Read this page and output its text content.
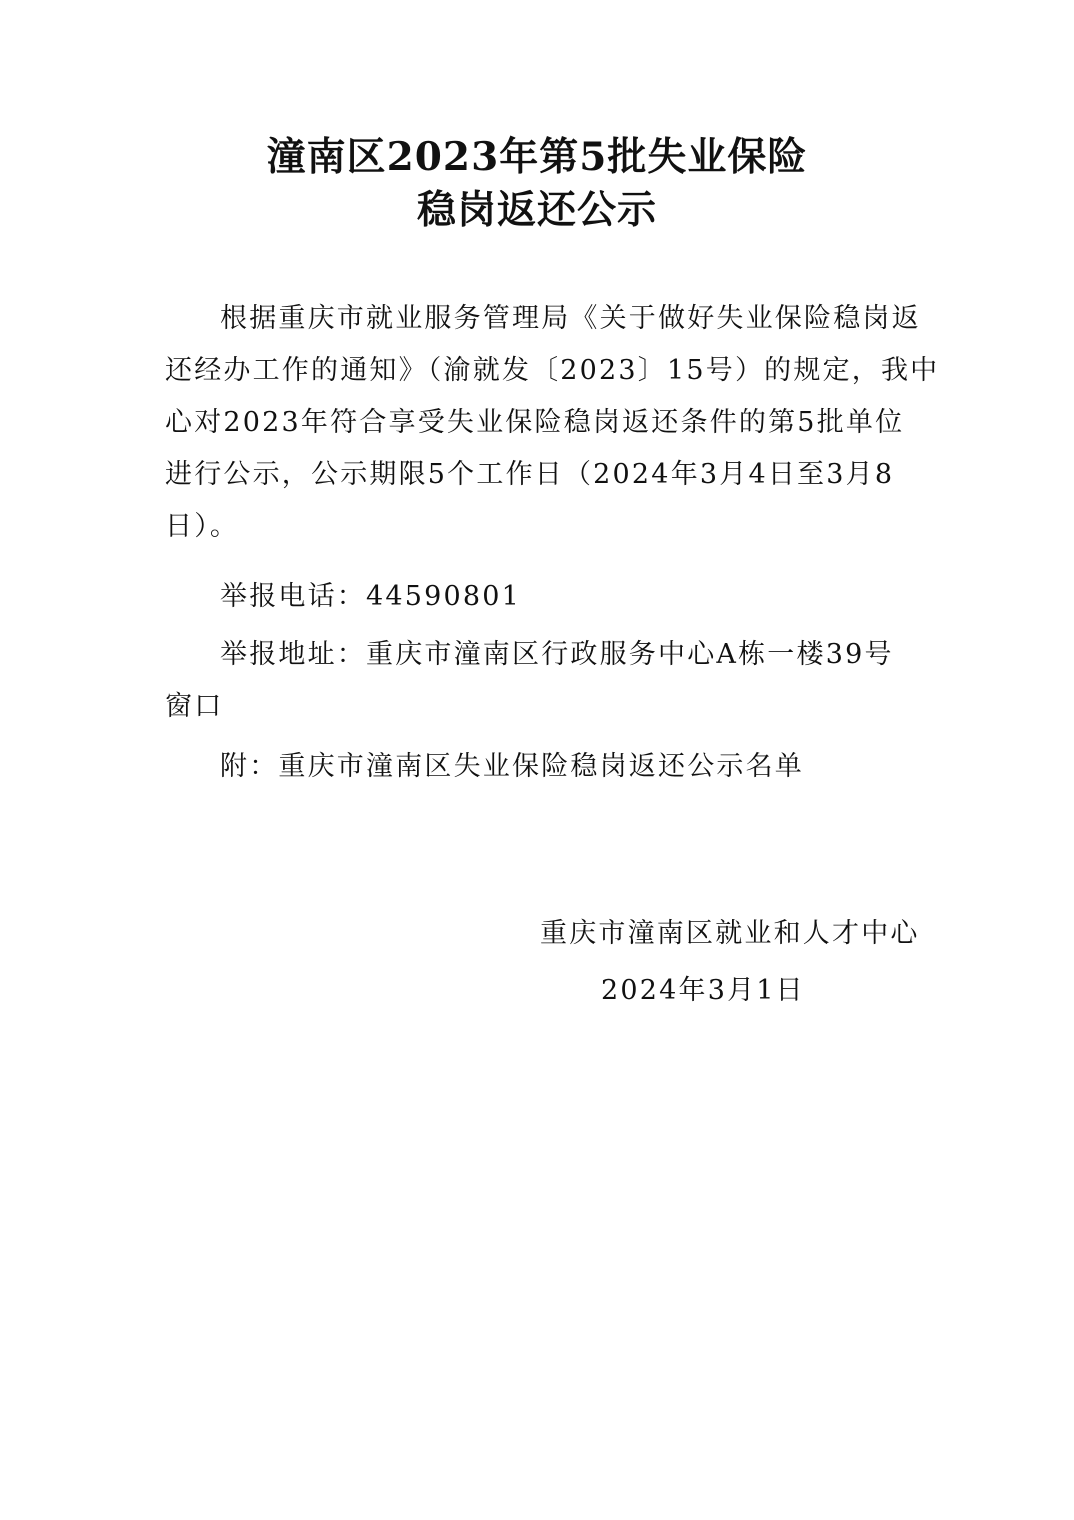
潼南区2023年第5批失业保险
稳岗返还公示
根据重庆市就业服务管理局《关于做好失业保险稳岗返
还经办工作的通知》（渝就发〔2023〕15号）的规定，我中
心对2023年符合享受失业保险稳岗返还条件的第5批单位
进行公示，公示期限5个工作日（2024年3月4日至3月8
日）。
举报电话：44590801
举报地址：重庆市潼南区行政服务中心A栋一楼39号
窗口
附：重庆市潼南区失业保险稳岗返还公示名单
重庆市潼南区就业和人才中心
2024年3月1日
